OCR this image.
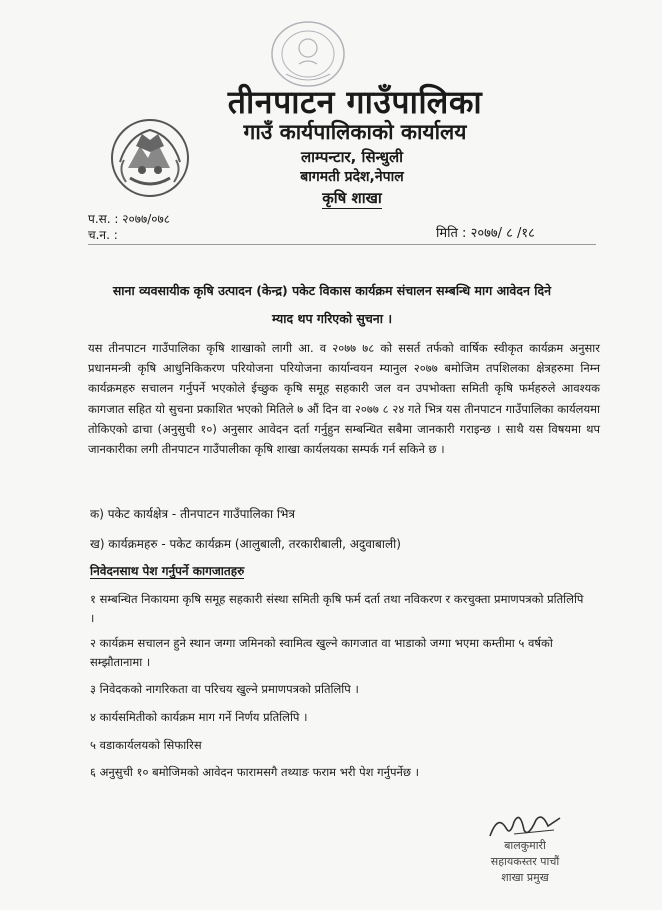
तीनपाटन गाउँपालिका
गाउँ कार्यपालिकाको कार्यालय
लाम्पन्टार, सिन्धुली
बागमती प्रदेश,नेपाल
कृषि शाखा
प.स. : २०७७/०७८
च.न. :	मिति : २०७७/ ८ /१८
साना व्यवसायीक कृषि उत्पादन (केन्द्र) पकेट विकास कार्यक्रम संचालन सम्बन्धि माग आवेदन दिने
म्याद थप गरिएको सुचना ।

यस तीनपाटन गाउँपालिका कृषि शाखाको लागी आ. व २०७७ ७८ को ससर्त तर्फको वार्षिक स्वीकृत कार्यक्रम अनुसार प्रधानमन्त्री कृषि आधुनिकिकरण परियोजना परियोजना कार्यान्वयन म्यानुल २०७७ बमोजिम तपशिलका क्षेत्रहरुमा निम्न कार्यक्रमहरु सचालन गर्नुपर्ने भएकोले ईच्छुक कृषि समूह सहकारी जल वन उपभोक्ता समिती कृषि फर्महरुले आवश्यक कागजात सहित यो सुचना प्रकाशित भएको मितिले ७ औं दिन वा २०७७ ८ २४ गते भित्र यस तीनपाटन गाउँपालिका कार्यलयमा तोकिएको ढाचा (अनुसुची १०) अनुसार आवेदन दर्ता गर्नुहुन सम्बन्धित सबैमा जानकारी गराइन्छ । साथै यस विषयमा थप जानकारीका लगी तीनपाटन गाउँपालीका कृषि शाखा कार्यलयका सम्पर्क गर्न सकिने छ ।

क) पकेट कार्यक्षेत्र - तीनपाटन गाउँपालिका भित्र
ख) कार्यक्रमहरु - पकेट कार्यक्रम (आलुबाली, तरकारीबाली, अदुवाबाली)
निवेदनसाथ पेश गर्नुपर्ने कागजातहरु

१ सम्बन्धित निकायमा कृषि समूह सहकारी संस्था समिती कृषि फर्म दर्ता तथा नविकरण र करचुक्ता प्रमाणपत्रको प्रतिलिपि ।

२ कार्यक्रम सचालन हुने स्थान जग्गा जमिनको स्वामित्व खुल्ने कागजात वा भाडाको जग्गा भएमा कम्तीमा ५ वर्षको सम्झौतानामा ।

३ निवेदकको नागरिकता वा परिचय खुल्ने प्रमाणपत्रको प्रतिलिपि ।

४ कार्यसमितीको कार्यक्रम माग गर्ने निर्णय प्रतिलिपि ।

५ वडाकार्यलयको सिफारिस

६ अनुसुची १० बमोजिमको आवेदन फारामसगै तथ्याङ फराम भरी पेश गर्नुपर्नेछ ।

बालकुमारी
सहायकस्तर पाचौं
शाखा प्रमुख
